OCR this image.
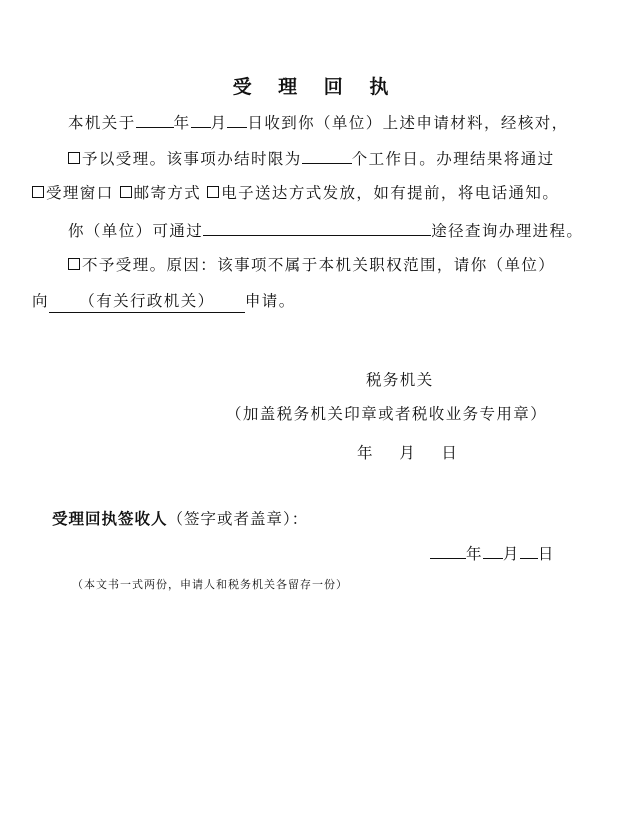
受 理 回 执
本机关于 年 月 日收到你（单位）上述申请材料，经核对，
予以受理。该事项办结时限为	个工作日。办理结果将通过
受理窗口 邮寄方式 电子送达方式发放，如有提前，将电话通知。
你（单位）可通过	途径查询办理进程。
不予受理。原因：该事项不属于本机关职权范围，请你（单位）
向 （有关行政机关） 申请。
税务机关
（加盖税务机关印章或者税收业务专用章）
年    月    日
受理回执签收人（签字或者盖章）：
年 月 日
（本文书一式两份，申请人和税务机关各留存一份）
